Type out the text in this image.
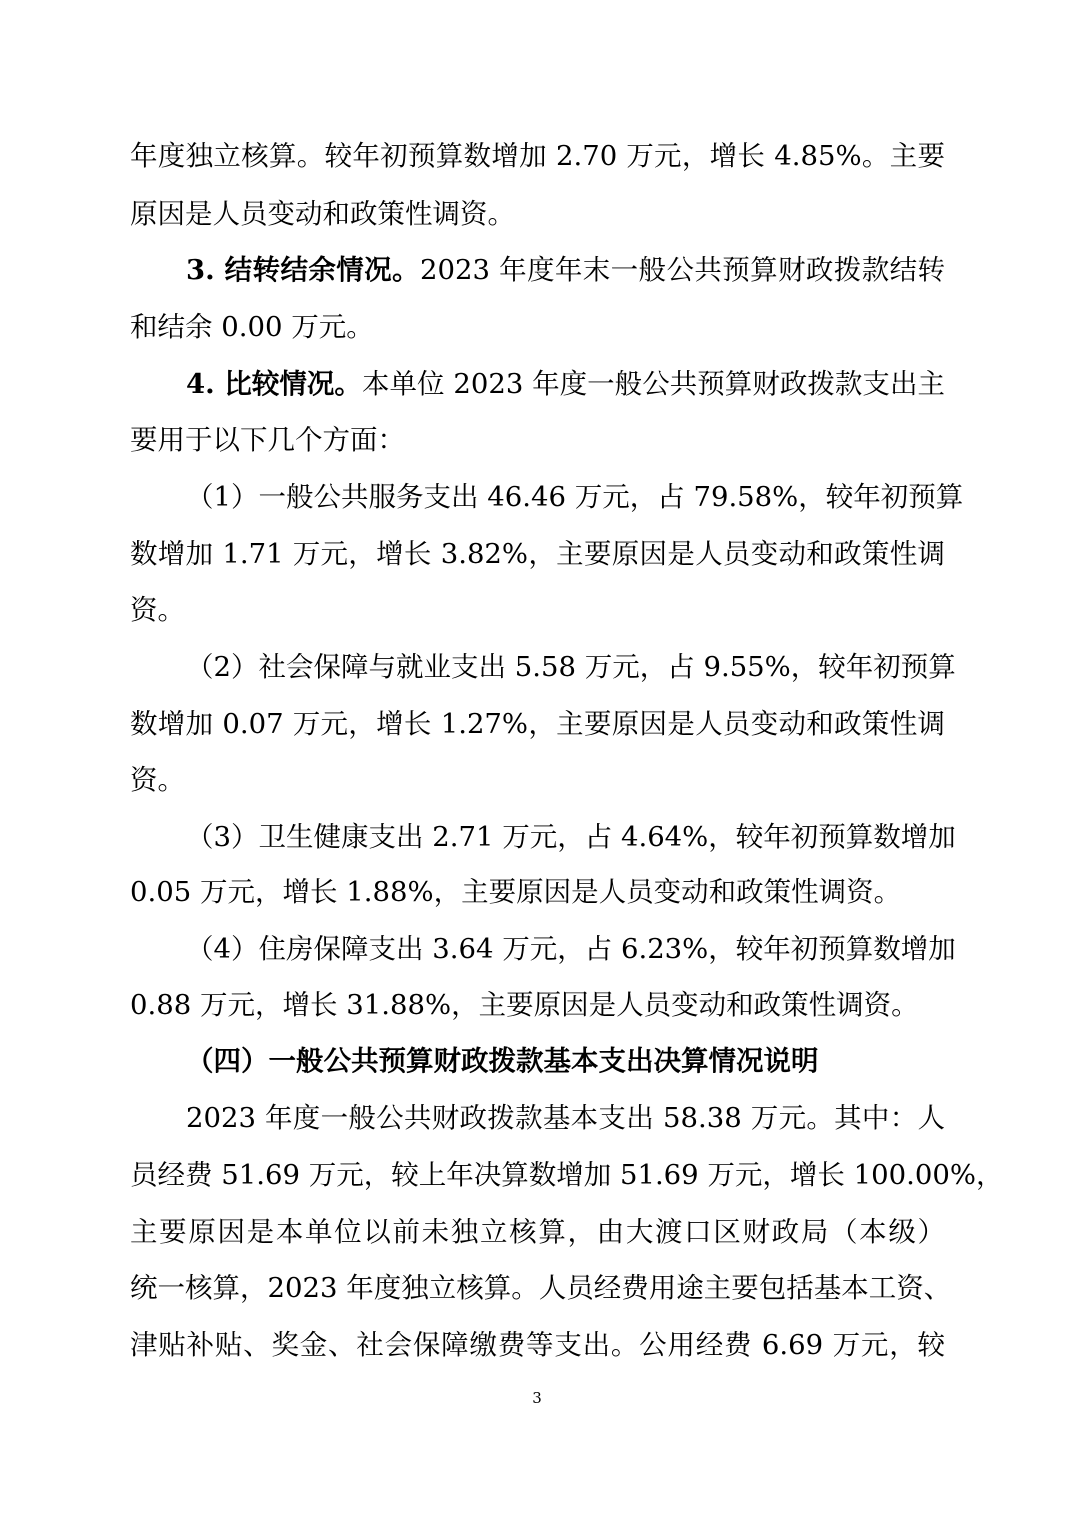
年度独立核算。较年初预算数增加 2.70 万元，增长 4.85%。主要
原因是人员变动和政策性调资。
3. 结转结余情况。2023 年度年末一般公共预算财政拨款结转
和结余 0.00 万元。
4. 比较情况。本单位 2023 年度一般公共预算财政拨款支出主
要用于以下几个方面：
（1）一般公共服务支出 46.46 万元，占 79.58%，较年初预算
数增加 1.71 万元，增长 3.82%，主要原因是人员变动和政策性调
资。
（2）社会保障与就业支出 5.58 万元，占 9.55%，较年初预算
数增加 0.07 万元，增长 1.27%，主要原因是人员变动和政策性调
资。
（3）卫生健康支出 2.71 万元，占 4.64%，较年初预算数增加
0.05 万元，增长 1.88%，主要原因是人员变动和政策性调资。
（4）住房保障支出 3.64 万元，占 6.23%，较年初预算数增加
0.88 万元，增长 31.88%，主要原因是人员变动和政策性调资。
（四）一般公共预算财政拨款基本支出决算情况说明
2023 年度一般公共财政拨款基本支出 58.38 万元。其中：人
员经费 51.69 万元，较上年决算数增加 51.69 万元，增长 100.00%，
主要原因是本单位以前未独立核算，由大渡口区财政局（本级）
统一核算，2023 年度独立核算。人员经费用途主要包括基本工资、
津贴补贴、奖金、社会保障缴费等支出。公用经费 6.69 万元，较
3
